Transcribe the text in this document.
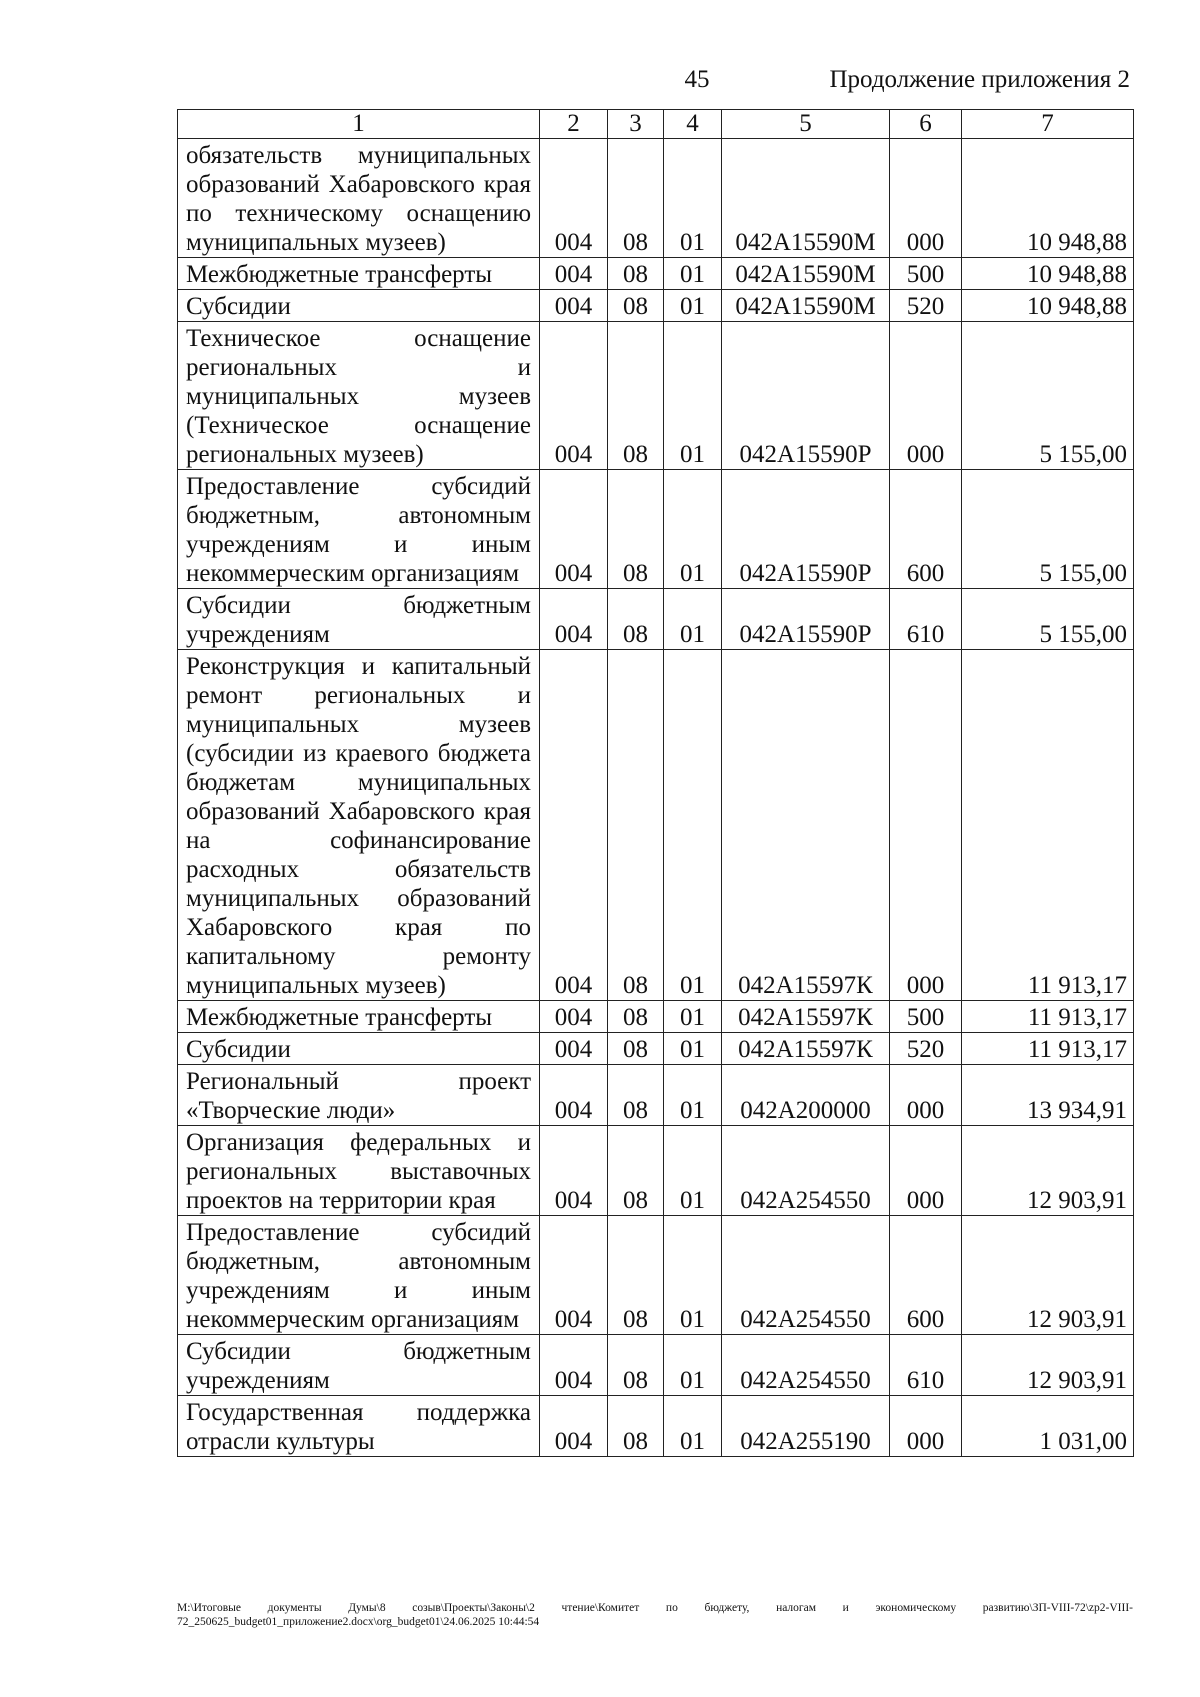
45	Продолжение приложения 2
1	2	3	4	5	6	7
обязательств муниципальных образований Хабаровского края по техническому оснащению муниципальных музеев)	004	08	01	042A15590М	000	10 948,88
Межбюджетные трансферты	004	08	01	042A15590М	500	10 948,88
Субсидии	004	08	01	042A15590М	520	10 948,88
Техническое оснащение региональных и муниципальных музеев (Техническое оснащение региональных музеев)	004	08	01	042A15590Р	000	5 155,00
Предоставление субсидий бюджетным, автономным учреждениям и иным некоммерческим организациям	004	08	01	042A15590Р	600	5 155,00
Субсидии бюджетным учреждениям	004	08	01	042A15590Р	610	5 155,00
Реконструкция и капитальный ремонт региональных и муниципальных музеев (субсидии из краевого бюджета бюджетам муниципальных образований Хабаровского края на софинансирование расходных обязательств муниципальных образований Хабаровского края по капитальному ремонту муниципальных музеев)	004	08	01	042A15597К	000	11 913,17
Межбюджетные трансферты	004	08	01	042A15597К	500	11 913,17
Субсидии	004	08	01	042A15597К	520	11 913,17
Региональный проект «Творческие люди»	004	08	01	042A200000	000	13 934,91
Организация федеральных и региональных выставочных проектов на территории края	004	08	01	042A254550	000	12 903,91
Предоставление субсидий бюджетным, автономным учреждениям и иным некоммерческим организациям	004	08	01	042A254550	600	12 903,91
Субсидии бюджетным учреждениям	004	08	01	042A254550	610	12 903,91
Государственная поддержка отрасли культуры	004	08	01	042A255190	000	1 031,00
М:\Итоговые документы Думы\8 созыв\Проекты\Законы\2 чтение\Комитет по бюджету, налогам и экономическому развитию\ЗП-VIII-72\zp2-VIII-72_250625_budget01_приложение2.docx\org_budget01\24.06.2025 10:44:54
